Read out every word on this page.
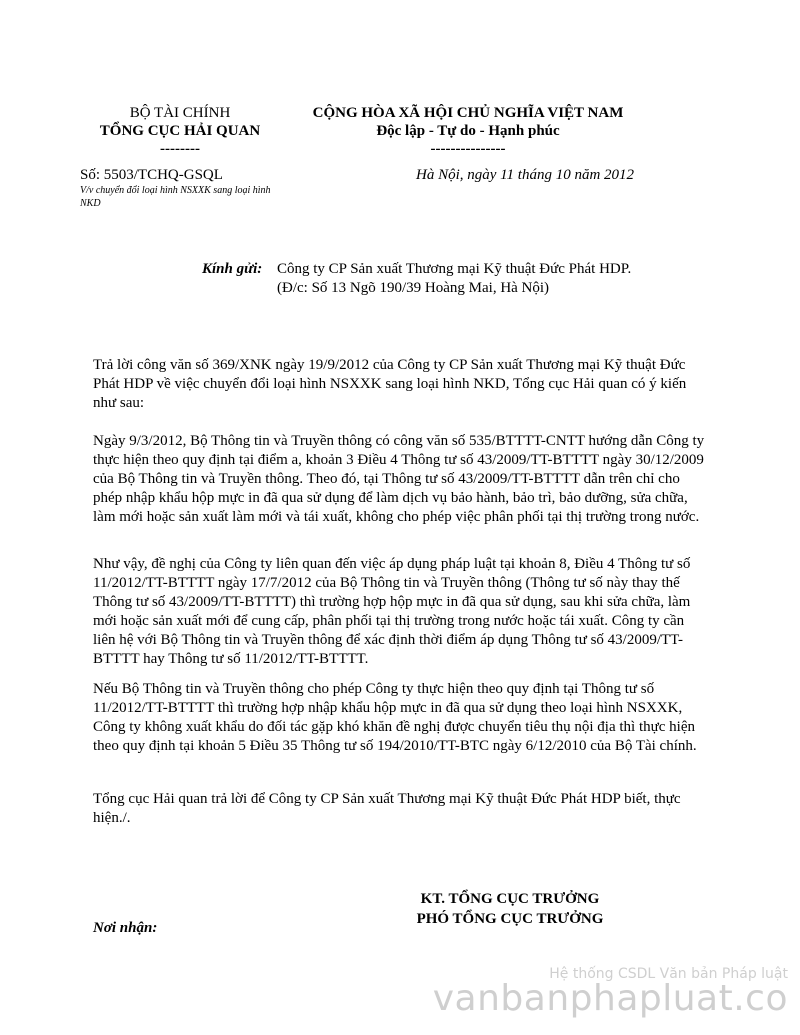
BỘ TÀI CHÍNH
TỔNG CỤC HẢI QUAN
--------
CỘNG HÒA XÃ HỘI CHỦ NGHĨA VIỆT NAM
Độc lập - Tự do - Hạnh phúc
---------------
Số: 5503/TCHQ-GSQL
V/v chuyển đổi loại hình NSXXK sang loại hình NKD
Hà Nội, ngày 11 tháng 10 năm 2012
Kính gửi: Công ty CP Sản xuất Thương mại Kỹ thuật Đức Phát HDP.
(Đ/c: Số 13 Ngõ 190/39 Hoàng Mai, Hà Nội)
Trả lời công văn số 369/XNK ngày 19/9/2012 của Công ty CP Sản xuất Thương mại Kỹ thuật Đức Phát HDP về việc chuyển đổi loại hình NSXXK sang loại hình NKD, Tổng cục Hải quan có ý kiến như sau:
Ngày 9/3/2012, Bộ Thông tin và Truyền thông có công văn số 535/BTTTT-CNTT hướng dẫn Công ty thực hiện theo quy định tại điểm a, khoản 3 Điều 4 Thông tư số 43/2009/TT-BTTTT ngày 30/12/2009 của Bộ Thông tin và Truyền thông. Theo đó, tại Thông tư số 43/2009/TT-BTTTT dẫn trên chỉ cho phép nhập khẩu hộp mực in đã qua sử dụng để làm dịch vụ bảo hành, bảo trì, bảo dưỡng, sửa chữa, làm mới hoặc sản xuất làm mới và tái xuất, không cho phép việc phân phối tại thị trường trong nước.
Như vậy, đề nghị của Công ty liên quan đến việc áp dụng pháp luật tại khoản 8, Điều 4 Thông tư số 11/2012/TT-BTTTT ngày 17/7/2012 của Bộ Thông tin và Truyền thông (Thông tư số này thay thế Thông tư số 43/2009/TT-BTTTT) thì trường hợp hộp mực in đã qua sử dụng, sau khi sửa chữa, làm mới hoặc sản xuất mới để cung cấp, phân phối tại thị trường trong nước hoặc tái xuất. Công ty cần liên hệ với Bộ Thông tin và Truyền thông để xác định thời điểm áp dụng Thông tư số 43/2009/TT-BTTTT hay Thông tư số 11/2012/TT-BTTTT.
Nếu Bộ Thông tin và Truyền thông cho phép Công ty thực hiện theo quy định tại Thông tư số 11/2012/TT-BTTTT thì trường hợp nhập khẩu hộp mực in đã qua sử dụng theo loại hình NSXXK, Công ty không xuất khẩu do đối tác gặp khó khăn đề nghị được chuyển tiêu thụ nội địa thì thực hiện theo quy định tại khoản 5 Điều 35 Thông tư số 194/2010/TT-BTC ngày 6/12/2010 của Bộ Tài chính.
Tổng cục Hải quan trả lời để Công ty CP Sản xuất Thương mại Kỹ thuật Đức Phát HDP biết, thực hiện./.
KT. TỔNG CỤC TRƯỞNG
PHÓ TỔNG CỤC TRƯỞNG
Nơi nhận:
Hệ thống CSDL Văn bản Pháp luật
vanbanphapluat.co
